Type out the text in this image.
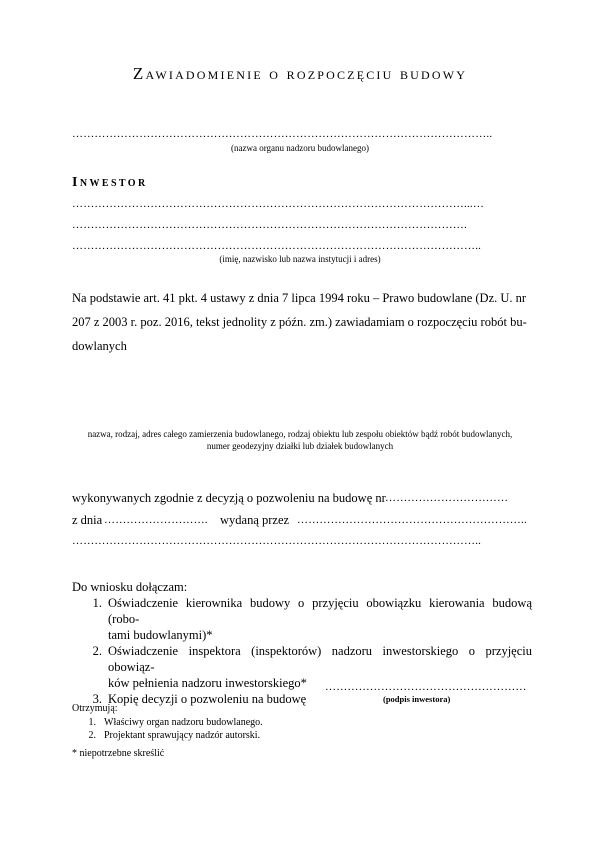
Zawiadomienie o rozpoczęciu budowy
…………………………………………………………………………………………………..
(nazwa organu nadzoru budowlanego)
Inwestor
……………………………………………………………………………………………...…
…………………………………………………………………………………………….
………………………………………………………………………………………………..
(imię, nazwisko lub nazwa instytucji i adres)
Na podstawie art. 41 pkt. 4 ustawy z dnia 7 lipca 1994 roku – Prawo budowlane (Dz. U. nr
207 z 2003 r. poz. 2016, tekst jednolity z późn. zm.) zawiadamiam o rozpoczęciu robót bu-
dowlanych
nazwa, rodzaj, adres całego zamierzenia budowlanego, rodzaj obiektu lub zespołu obiektów bądź robót budowlanych,
numer geodezyjny działki lub działek budowlanych
wykonywanych zgodnie z decyzją o pozwoleniu na budowę nr ……………………………
z dnia ………………………. wydaną przez ……………………………………………………..
………………………………………………………………………………………………..
Do wniosku dołączam:
1. Oświadczenie kierownika budowy o przyjęciu obowiązku kierowania budową (robo-
tami budowlanymi)*
2. Oświadczenie inspektora (inspektorów) nadzoru inwestorskiego o przyjęciu obowiąz-
ków pełnienia nadzoru inwestorskiego*
3. Kopię decyzji o pozwoleniu na budowę
………………………………………………
(podpis inwestora)
Otrzymują:
1. Właściwy organ nadzoru budowlanego.
2. Projektant sprawujący nadzór autorski.
* niepotrzebne skreślić
